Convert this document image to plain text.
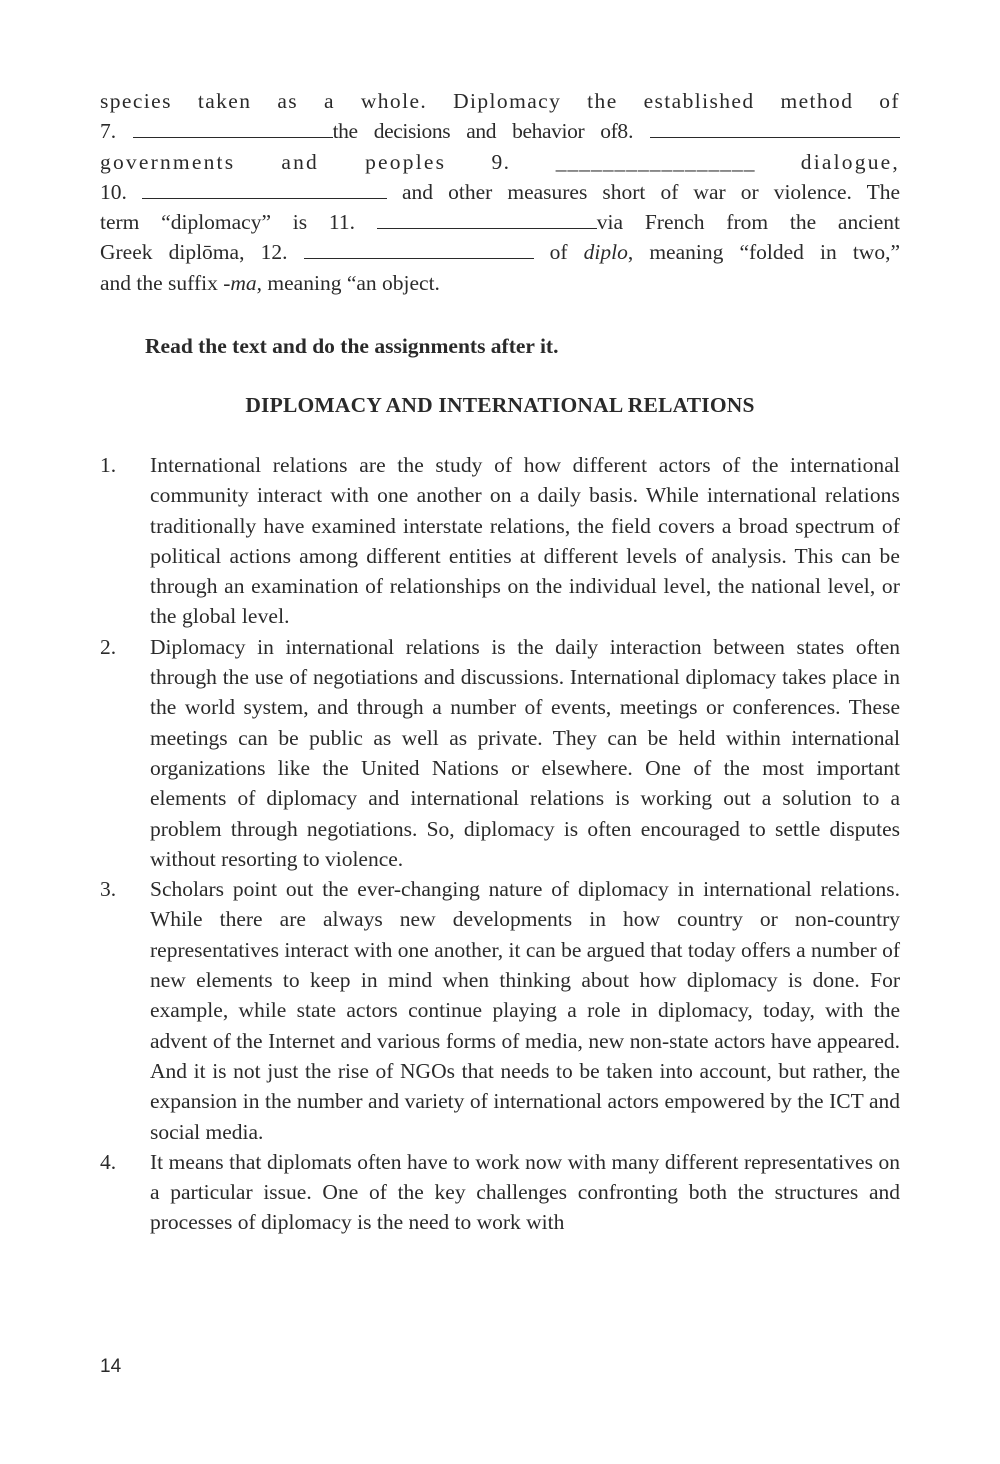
species taken as a whole. Diplomacy the established method of
7.	the decisions and behavior of8.
governments and peoples 9. _________________ dialogue,
10.	and other measures short of war or violence. The
term “diplomacy” is 11.	via French from the ancient
Greek diplōma, 12.	of diplo, meaning “folded in two,”
and the suffix -ma, meaning “an object.
Read the text and do the assignments after it.
DIPLOMACY AND INTERNATIONAL RELATIONS
1.	International relations are the study of how different actors of the international community interact with one another on a daily basis. While international relations traditionally have examined interstate relations, the field covers a broad spectrum of political actions among different entities at different levels of analysis. This can be through an examination of relationships on the individual level, the national level, or the global level.
2.	Diplomacy in international relations is the daily interaction between states often through the use of negotiations and discussions. International diplomacy takes place in the world system, and through a number of events, meetings or conferences. These meetings can be public as well as private. They can be held within international organizations like the United Nations or elsewhere. One of the most important elements of diplomacy and international relations is working out a solution to a problem through negotiations. So, diplomacy is often encouraged to settle disputes without resorting to violence.
3.	Scholars point out the ever-changing nature of diplomacy in international relations. While there are always new developments in how country or non-country representatives interact with one another, it can be argued that today offers a number of new elements to keep in mind when thinking about how diplomacy is done. For example, while state actors continue playing a role in diplomacy, today, with the advent of the Internet and various forms of media, new non-state actors have appeared. And it is not just the rise of NGOs that needs to be taken into account, but rather, the expansion in the number and variety of international actors empowered by the ICT and social media.
4.	It means that diplomats often have to work now with many different representatives on a particular issue. One of the key challenges confronting both the structures and processes of diplomacy is the need to work with
14
